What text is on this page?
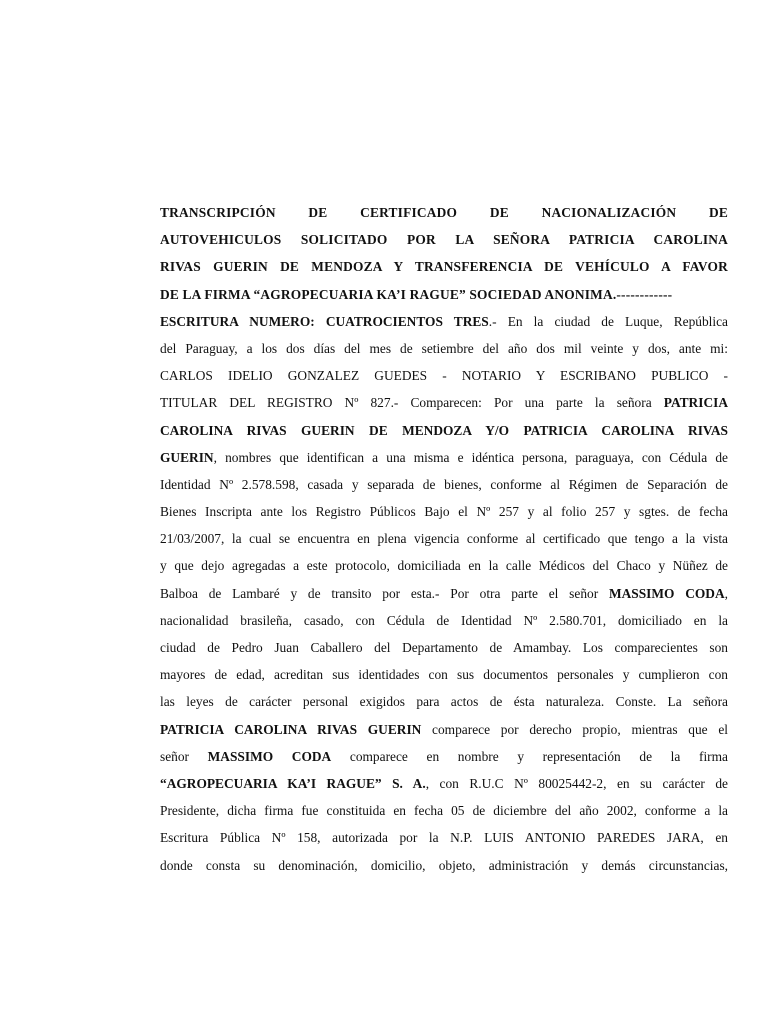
TRANSCRIPCIÓN DE CERTIFICADO DE NACIONALIZACIÓN DE
AUTOVEHICULOS SOLICITADO POR LA SEÑORA PATRICIA CAROLINA
RIVAS GUERIN DE MENDOZA Y TRANSFERENCIA DE VEHÍCULO A FAVOR
DE LA FIRMA “AGROPECUARIA KA’I RAGUE” SOCIEDAD ANONIMA.------------
ESCRITURA NUMERO: CUATROCIENTOS TRES.- En la ciudad de Luque, República
del Paraguay, a los dos días del mes de setiembre del año dos mil veinte y dos, ante mi:
CARLOS IDELIO GONZALEZ GUEDES - NOTARIO Y ESCRIBANO PUBLICO -
TITULAR DEL REGISTRO Nº 827.- Comparecen: Por una parte la señora PATRICIA
CAROLINA RIVAS GUERIN DE MENDOZA Y/O PATRICIA CAROLINA RIVAS
GUERIN, nombres que identifican a una misma e idéntica persona, paraguaya, con Cédula de
Identidad Nº 2.578.598, casada y separada de bienes, conforme al Régimen de Separación de
Bienes Inscripta ante los Registro Públicos Bajo el Nº 257 y al folio 257 y sgtes. de fecha
21/03/2007, la cual se encuentra en plena vigencia conforme al certificado que tengo a la vista
y que dejo agregadas a este protocolo, domiciliada en la calle Médicos del Chaco y Nüñez de
Balboa de Lambaré y de transito por esta.- Por otra parte el señor MASSIMO CODA,
nacionalidad brasileña, casado, con Cédula de Identidad Nº 2.580.701, domiciliado en la
ciudad de Pedro Juan Caballero del Departamento de Amambay. Los comparecientes son
mayores de edad, acreditan sus identidades con sus documentos personales y cumplieron con
las leyes de carácter personal exigidos para actos de ésta naturaleza. Conste. La señora
PATRICIA CAROLINA RIVAS GUERIN comparece por derecho propio, mientras que el
señor MASSIMO CODA comparece en nombre y representación de la firma
“AGROPECUARIA KA’I RAGUE” S. A., con R.U.C Nº 80025442-2, en su carácter de
Presidente, dicha firma fue constituida en fecha 05 de diciembre del año 2002, conforme a la
Escritura Pública Nº 158, autorizada por la N.P. LUIS ANTONIO PAREDES JARA, en
donde consta su denominación, domicilio, objeto, administración y demás circunstancias,
